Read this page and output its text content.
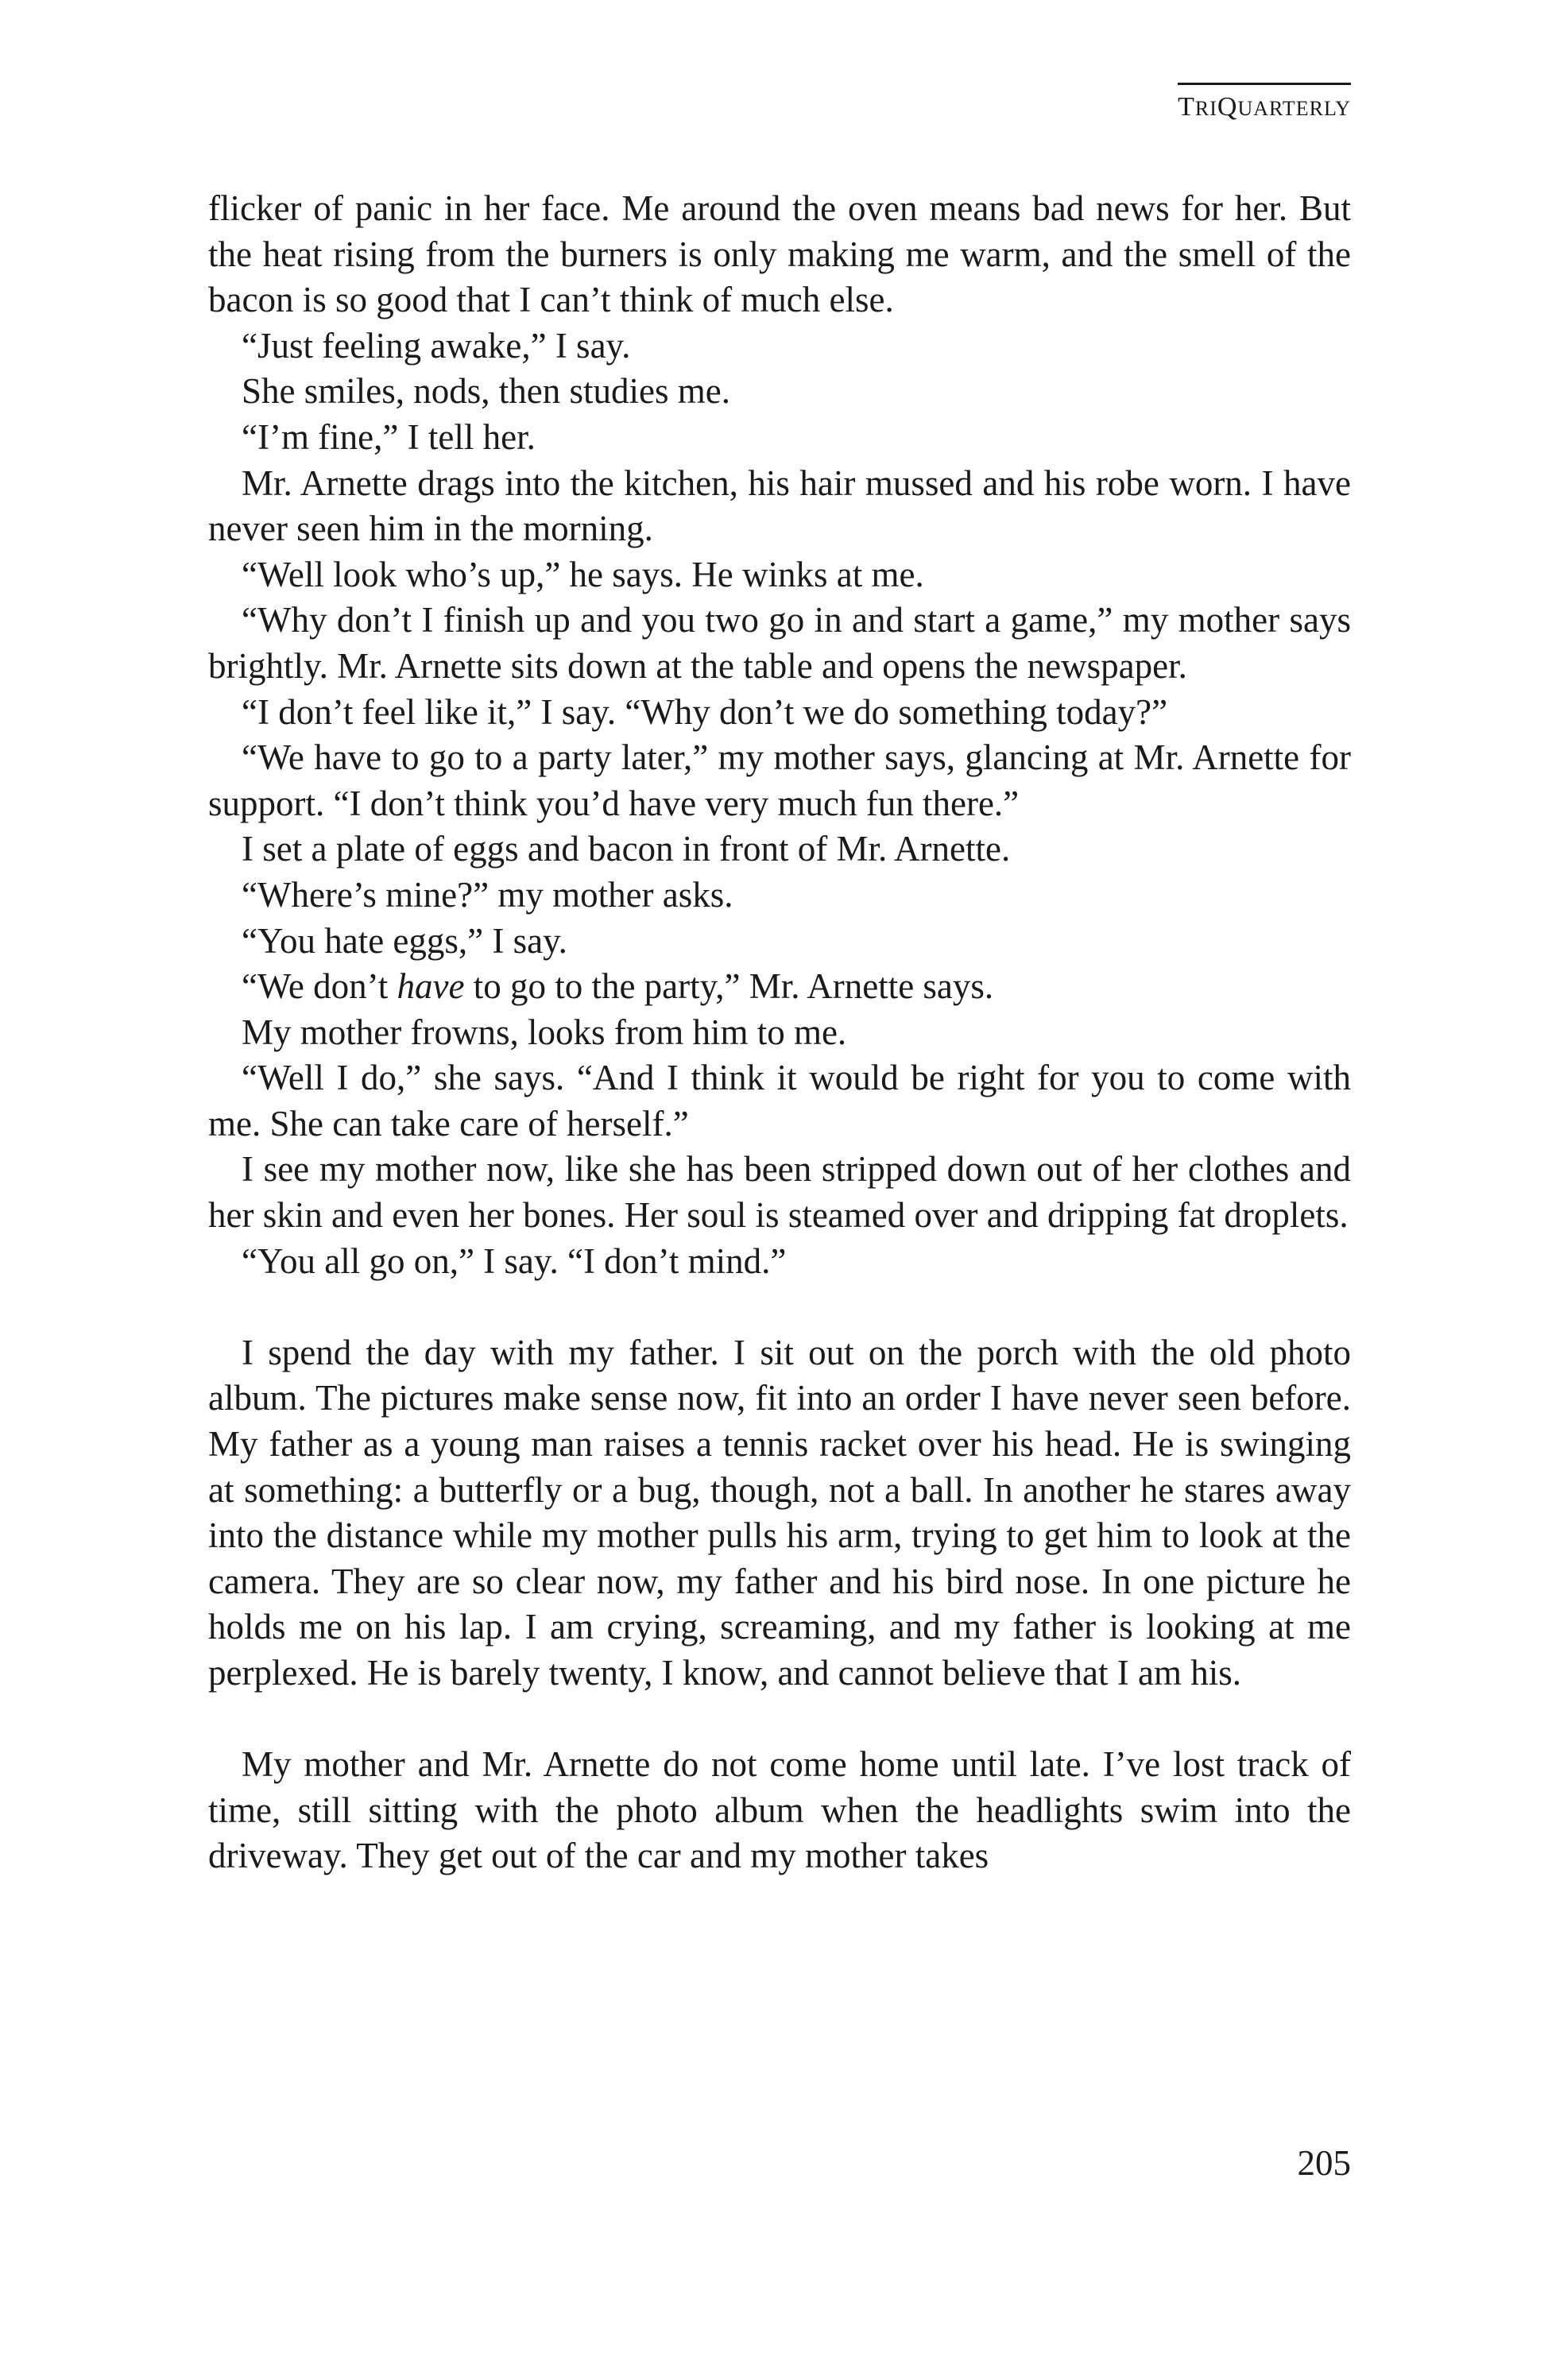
TRIQUARTERLY

flicker of panic in her face. Me around the oven means bad news for her. But the heat rising from the burners is only making me warm, and the smell of the bacon is so good that I can’t think of much else.

“Just feeling awake,” I say.

She smiles, nods, then studies me.

“I’m fine,” I tell her.

Mr. Arnette drags into the kitchen, his hair mussed and his robe worn. I have never seen him in the morning.

“Well look who’s up,” he says. He winks at me.

“Why don’t I finish up and you two go in and start a game,” my mother says brightly. Mr. Arnette sits down at the table and opens the newspaper.

“I don’t feel like it,” I say. “Why don’t we do something today?”

“We have to go to a party later,” my mother says, glancing at Mr. Arnette for support. “I don’t think you’d have very much fun there.”

I set a plate of eggs and bacon in front of Mr. Arnette.

“Where’s mine?” my mother asks.

“You hate eggs,” I say.

“We don’t have to go to the party,” Mr. Arnette says.

My mother frowns, looks from him to me.

“Well I do,” she says. “And I think it would be right for you to come with me. She can take care of herself.”

I see my mother now, like she has been stripped down out of her clothes and her skin and even her bones. Her soul is steamed over and dripping fat droplets.

“You all go on,” I say. “I don’t mind.”

I spend the day with my father. I sit out on the porch with the old photo album. The pictures make sense now, fit into an order I have never seen before. My father as a young man raises a tennis racket over his head. He is swinging at something: a butterfly or a bug, though, not a ball. In another he stares away into the distance while my mother pulls his arm, trying to get him to look at the camera. They are so clear now, my father and his bird nose. In one picture he holds me on his lap. I am crying, screaming, and my father is looking at me perplexed. He is barely twenty, I know, and cannot believe that I am his.

My mother and Mr. Arnette do not come home until late. I’ve lost track of time, still sitting with the photo album when the headlights swim into the driveway. They get out of the car and my mother takes

205
